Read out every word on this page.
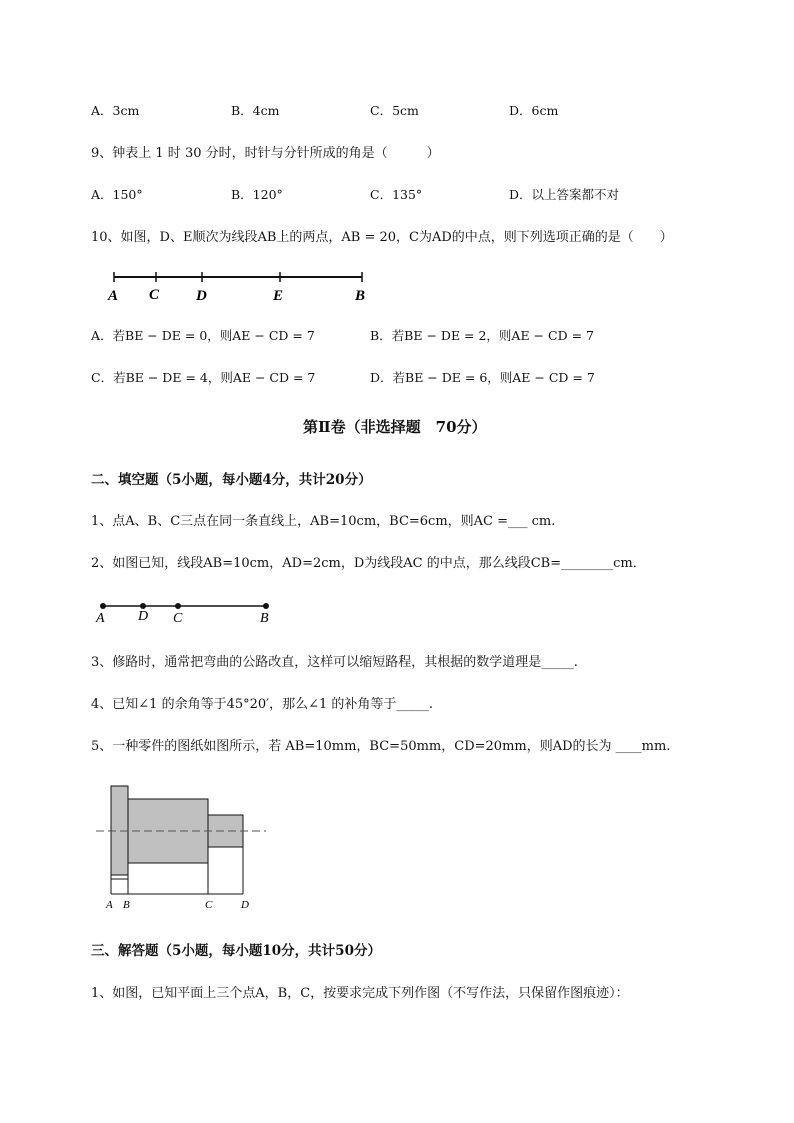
A．3cm	B．4cm	C．5cm	D．6cm
9、钟表上 1 时 30 分时，时针与分针所成的角是（　　　）
A．150°	B．120°	C．135°	D．以上答案都不对
10、如图，D、E顺次为线段AB上的两点，AB = 20，C为AD的中点，则下列选项正确的是（　　）
A C D	E	B
A．若BE − DE = 0，则AE − CD = 7	B．若BE − DE = 2，则AE − CD = 7
C．若BE − DE = 4，则AE − CD = 7	D．若BE − DE = 6，则AE − CD = 7
第Ⅱ卷（非选择题　70分）
二、填空题（5小题，每小题4分，共计20分）
1、点A、B、C三点在同一条直线上，AB=10cm，BC=6cm，则AC =___ cm.
2、如图已知，线段AB=10cm，AD=2cm，D为线段AC 的中点，那么线段CB=________cm．
A D C	B
3、修路时，通常把弯曲的公路改直，这样可以缩短路程，其根据的数学道理是_____.
4、已知∠1 的余角等于45°20′，那么∠1 的补角等于_____.
5、一种零件的图纸如图所示，若 AB=10mm，BC=50mm，CD=20mm，则AD的长为 ____mm.
A B	C	D
三、解答题（5小题，每小题10分，共计50分）
1、如图，已知平面上三个点A，B，C，按要求完成下列作图（不写作法，只保留作图痕迹）：
